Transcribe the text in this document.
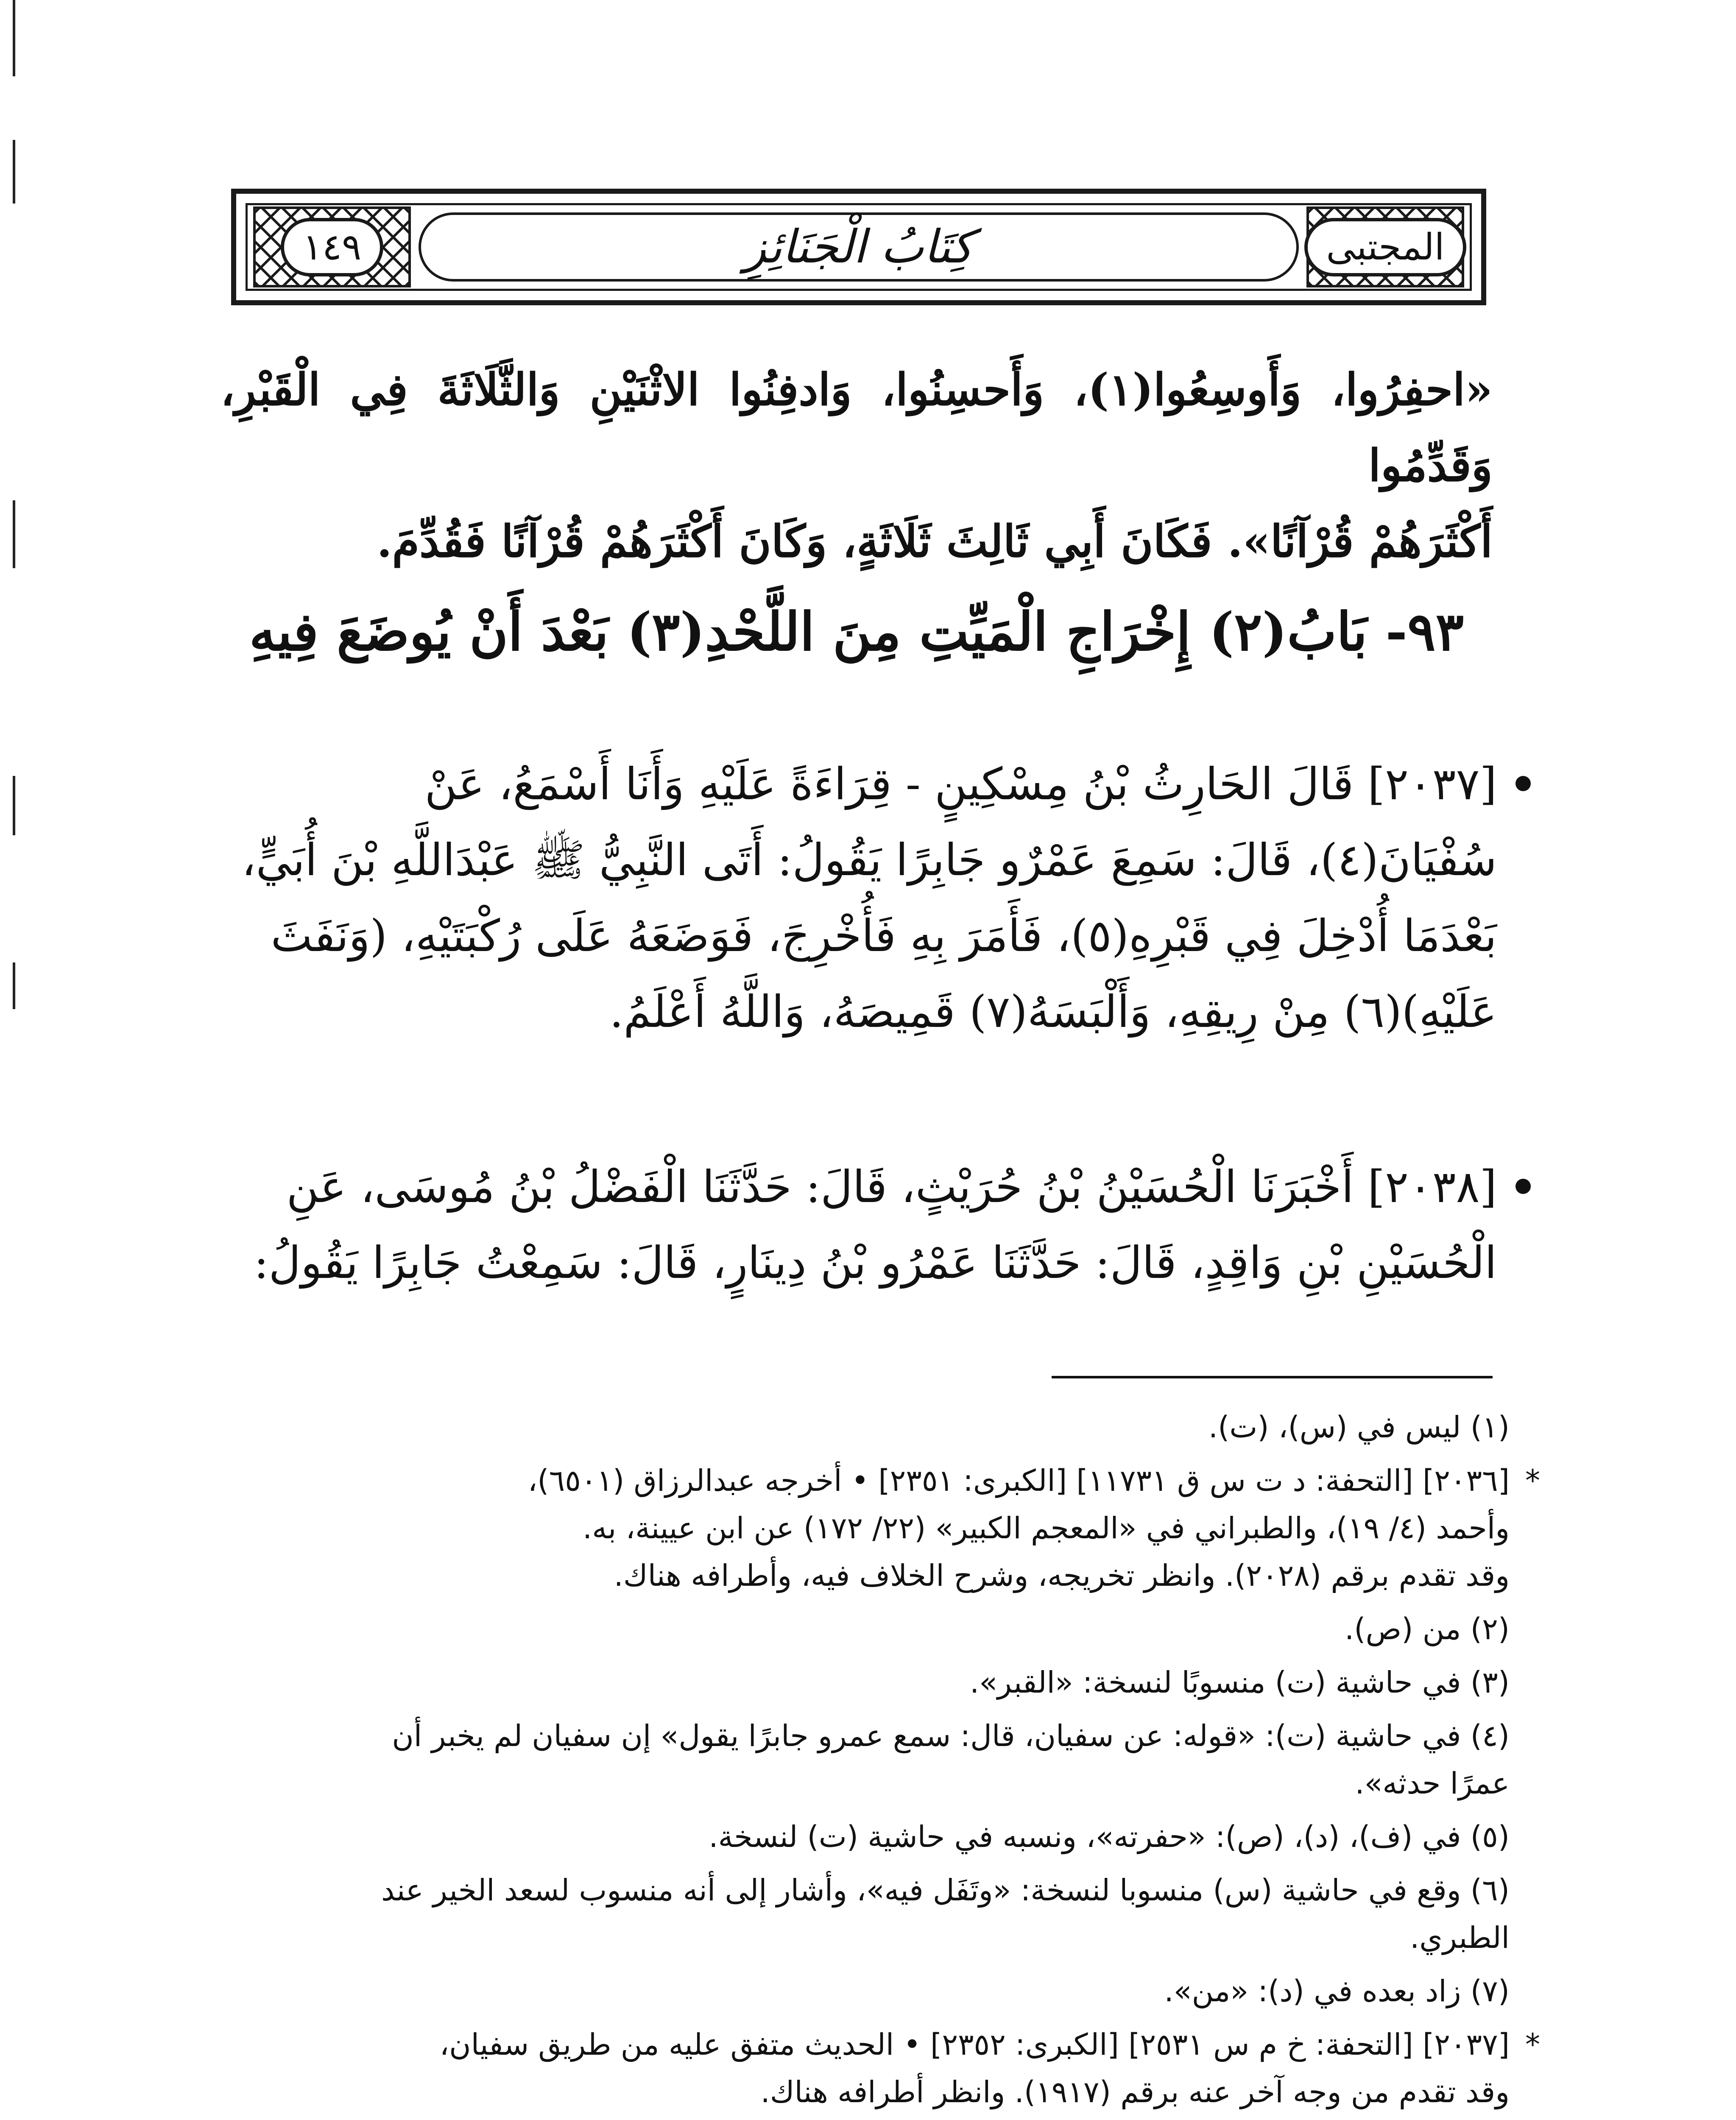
١٤٩	كِتَابُ الْجَنَائِزِ	المجتبى

«احفِرُوا، وَأَوسِعُوا(١)، وَأَحسِنُوا، وَادفِنُوا الاثْنَيْنِ وَالثَّلَاثَةَ فِي الْقَبْرِ، وَقَدِّمُوا

أَكْثَرَهُمْ قُرْآنًا». فَكَانَ أَبِي ثَالِثَ ثَلَاثَةٍ، وَكَانَ أَكْثَرَهُمْ قُرْآنًا فَقُدِّمَ.

٩٣- بَابُ(٢) إِخْرَاجِ الْمَيِّتِ مِنَ اللَّحْدِ(٣) بَعْدَ أَنْ يُوضَعَ فِيهِ

[٢٠٣٧] قَالَ الحَارِثُ بْنُ مِسْكِينٍ - قِرَاءَةً عَلَيْهِ وَأَنَا أَسْمَعُ، عَنْ سُفْيَانَ(٤)، قَالَ: سَمِعَ عَمْرٌو جَابِرًا يَقُولُ: أَتَى النَّبِيُّ ﷺ عَبْدَاللَّهِ بْنَ أُبَيٍّ، بَعْدَمَا أُدْخِلَ فِي قَبْرِهِ(٥)، فَأَمَرَ بِهِ فَأُخْرِجَ، فَوَضَعَهُ عَلَى رُكْبَتَيْهِ، (وَنَفَثَ عَلَيْهِ)(٦) مِنْ رِيقِهِ، وَأَلْبَسَهُ(٧) قَمِيصَهُ، وَاللَّهُ أَعْلَمُ.

[٢٠٣٨] أَخْبَرَنَا الْحُسَيْنُ بْنُ حُرَيْثٍ، قَالَ: حَدَّثَنَا الْفَضْلُ بْنُ مُوسَى، عَنِ الْحُسَيْنِ بْنِ وَاقِدٍ، قَالَ: حَدَّثَنَا عَمْرُو بْنُ دِينَارٍ، قَالَ: سَمِعْتُ جَابِرًا يَقُولُ:

(١) ليس في (س)، (ت).

*
[٢٠٣٦] [التحفة: د ت س ق ١١٧٣١] [الكبرى: ٢٣٥١] • أخرجه عبدالرزاق (٦٥٠١)،
وأحمد (٤/ ١٩)، والطبراني في «المعجم الكبير» (٢٢/ ١٧٢) عن ابن عيينة، به.
وقد تقدم برقم (٢٠٢٨). وانظر تخريجه، وشرح الخلاف فيه، وأطرافه هناك.

(٢) من (ص).

(٣) في حاشية (ت) منسوبًا لنسخة: «القبر».

(٤) في حاشية (ت): «قوله: عن سفيان، قال: سمع عمرو جابرًا يقول» إن سفيان لم يخبر أن
عمرًا حدثه».

(٥) في (ف)، (د)، (ص): «حفرته»، ونسبه في حاشية (ت) لنسخة.

(٦) وقع في حاشية (س) منسوبا لنسخة: «وتَفَل فيه»، وأشار إلى أنه منسوب لسعد الخير عند
الطبري.

(٧) زاد بعده في (د): «من».

*
[٢٠٣٧] [التحفة: خ م س ٢٥٣١] [الكبرى: ٢٣٥٢] • الحديث متفق عليه من طريق سفيان،
وقد تقدم من وجه آخر عنه برقم (١٩١٧). وانظر أطرافه هناك.
